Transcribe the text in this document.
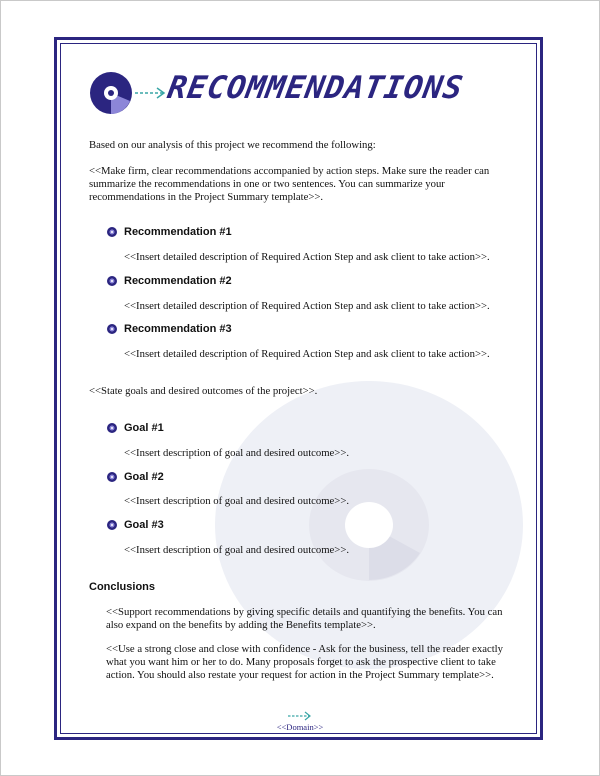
RECOMMENDATIONS
Based on our analysis of this project we recommend the following:
<<Make firm, clear recommendations accompanied by action steps. Make sure the reader can
summarize the recommendations in one or two sentences. You can summarize your
recommendations in the Project Summary template>>.
Recommendation #1
<<Insert detailed description of Required Action Step and ask client to take action>>.
Recommendation #2
<<Insert detailed description of Required Action Step and ask client to take action>>.
Recommendation #3
<<Insert detailed description of Required Action Step and ask client to take action>>.
<<State goals and desired outcomes of the project>>.
Goal #1
<<Insert description of goal and desired outcome>>.
Goal #2
<<Insert description of goal and desired outcome>>.
Goal #3
<<Insert description of goal and desired outcome>>.
Conclusions
<<Support recommendations by giving specific details and quantifying the benefits. You can
also expand on the benefits by adding the Benefits template>>.
<<Use a strong close and close with confidence - Ask for the business, tell the reader exactly
what you want him or her to do. Many proposals forget to ask the prospective client to take
action. You should also restate your request for action in the Project Summary template>>.
<<Domain>>
